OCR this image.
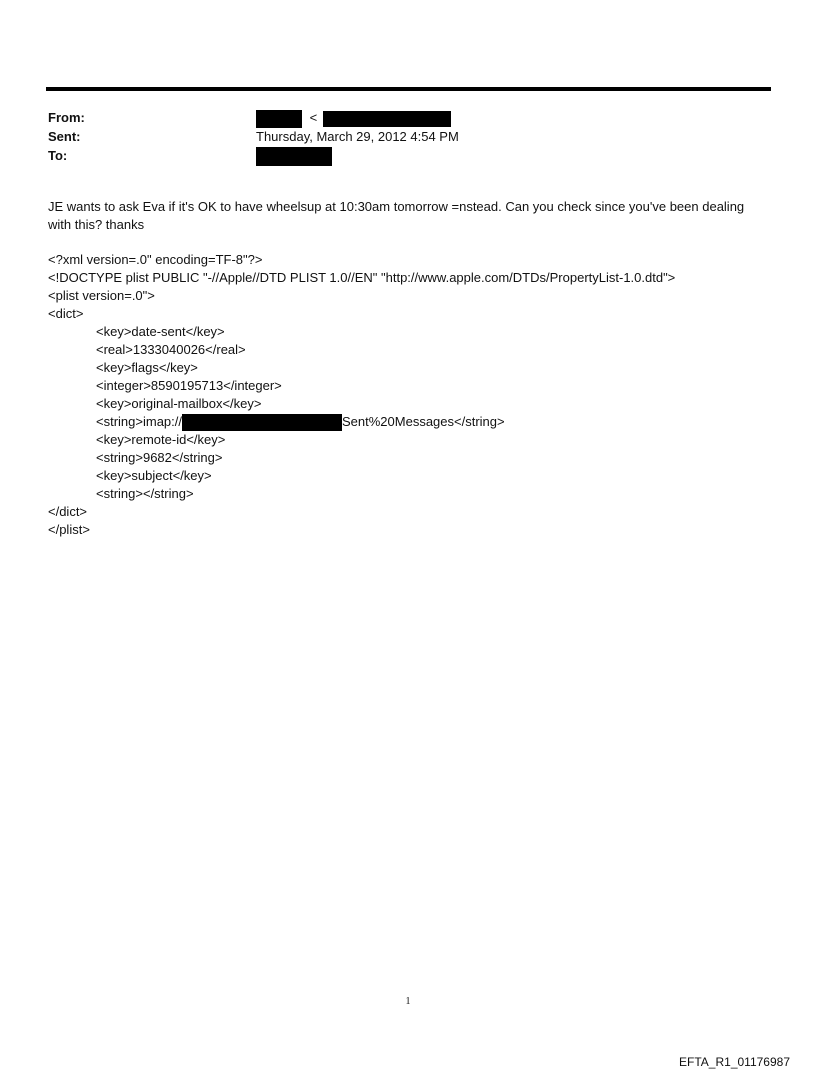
From:	<
Sent:	Thursday, March 29, 2012 4:54 PM
To:

JE wants to ask Eva if it's OK to have wheelsup at 10:30am tomorrow =nstead. Can you check since you've been dealing with this? thanks

<?xml version=.0" encoding=TF-8"?>
<!DOCTYPE plist PUBLIC "-//Apple//DTD PLIST 1.0//EN" "http://www.apple.com/DTDs/PropertyList-1.0.dtd">
<plist version=.0">
<dict>
<key>date-sent</key>
<real>1333040026</real>
<key>flags</key>
<integer>8590195713</integer>
<key>original-mailbox</key>
<string>imap://	Sent%20Messages</string>
<key>remote-id</key>
<string>9682</string>
<key>subject</key>
<string></string>
</dict>
</plist>
1
EFTA_R1_01176987
